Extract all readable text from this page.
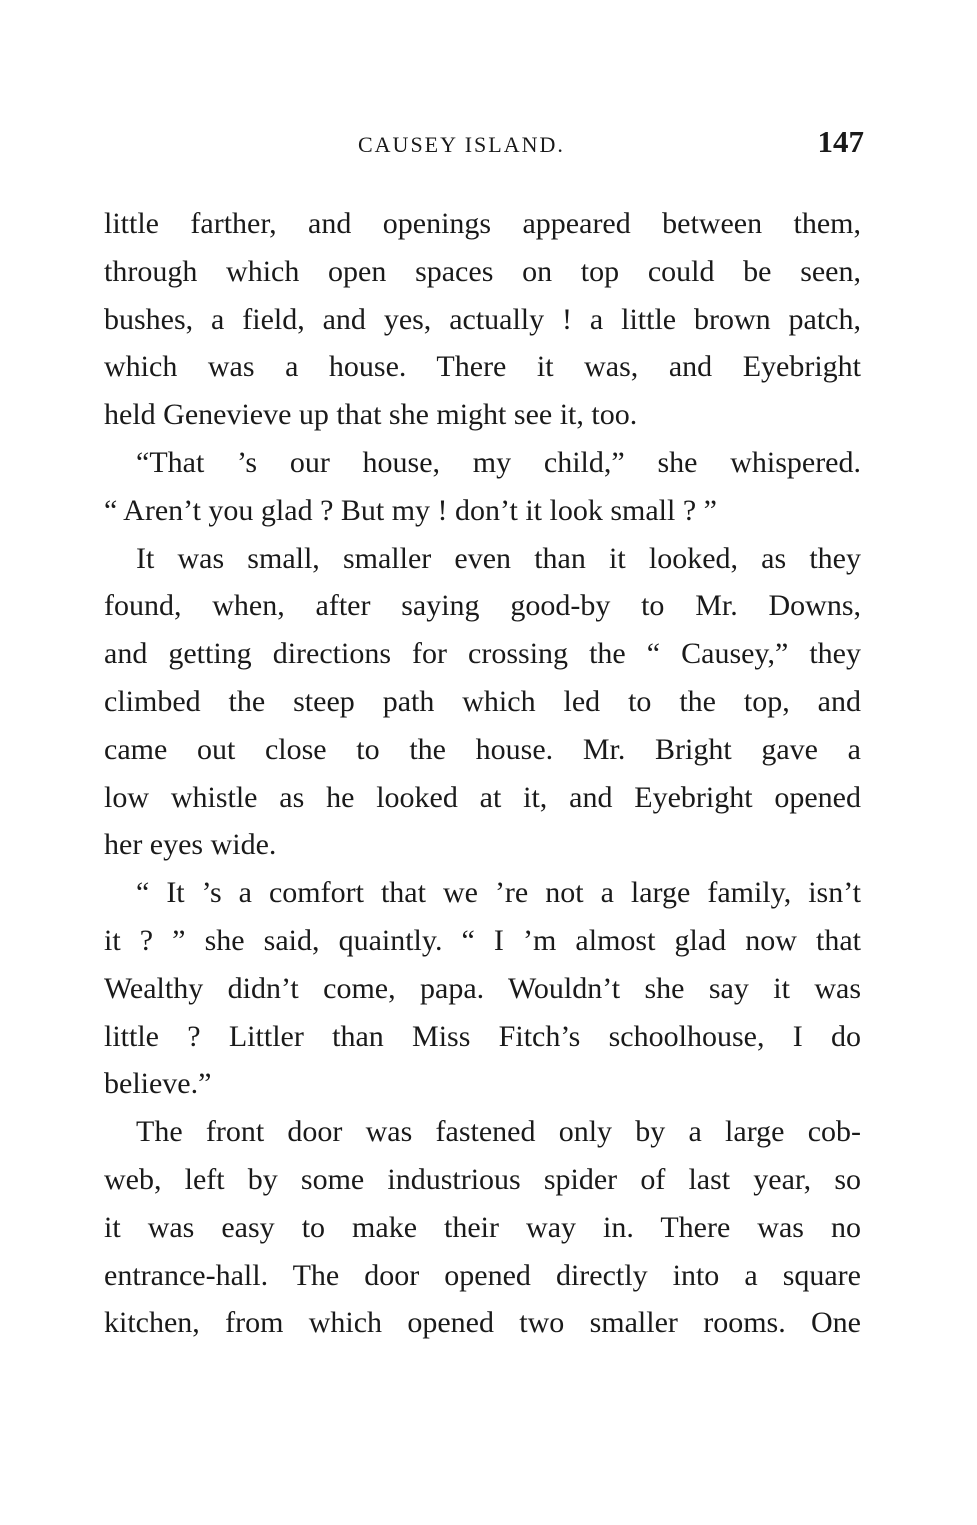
CAUSEY ISLAND.	147

little farther, and openings appeared between them,
through which open spaces on top could be seen,
bushes, a field, and yes, actually ! a little brown patch,
which was a house. There it was, and Eyebright
held Genevieve up that she might see it, too.

“That ’s our house, my child,” she whispered.
“ Aren’t you glad ? But my ! don’t it look small ? ”

It was small, smaller even than it looked, as they
found, when, after saying good-by to Mr. Downs,
and getting directions for crossing the “ Causey,” they
climbed the steep path which led to the top, and
came out close to the house. Mr. Bright gave a
low whistle as he looked at it, and Eyebright opened
her eyes wide.

“ It ’s a comfort that we ’re not a large family, isn’t
it ? ” she said, quaintly. “ I ’m almost glad now that
Wealthy didn’t come, papa. Wouldn’t she say it was
little ? Littler than Miss Fitch’s schoolhouse, I do
believe.”

The front door was fastened only by a large cob-
web, left by some industrious spider of last year, so
it was easy to make their way in. There was no
entrance-hall. The door opened directly into a square
kitchen, from which opened two smaller rooms. One
